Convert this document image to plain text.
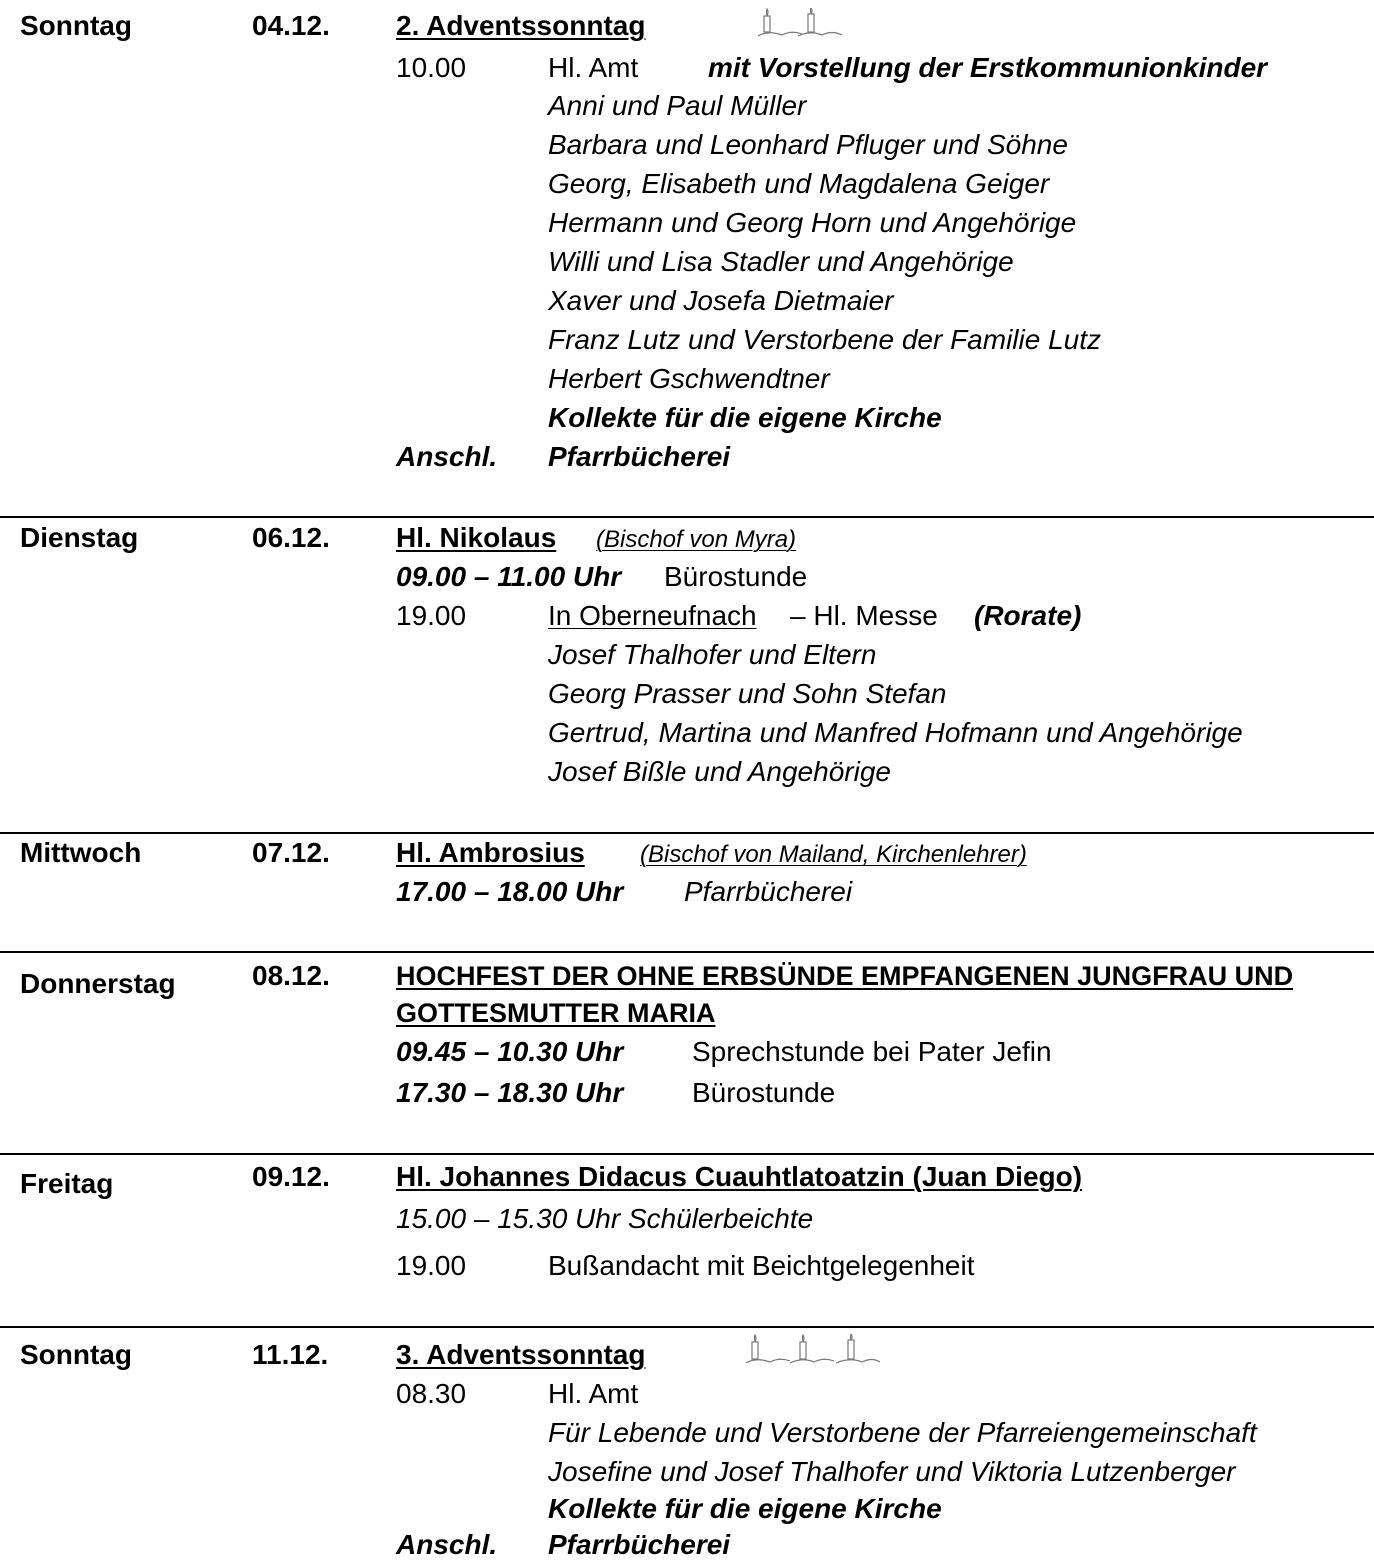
Sonntag	04.12. 2. Adventssonntag
10.00	Hl. Amt mit Vorstellung der Erstkommunionkinder
Anni und Paul Müller
Barbara und Leonhard Pfluger und Söhne
Georg, Elisabeth und Magdalena Geiger
Hermann und Georg Horn und Angehörige
Willi und Lisa Stadler und Angehörige
Xaver und Josefa Dietmaier
Franz Lutz und Verstorbene der Familie Lutz
Herbert Gschwendtner
Kollekte für die eigene Kirche
Anschl. Pfarrbücherei
Dienstag	06.12. Hl. Nikolaus (Bischof von Myra)
09.00 – 11.00 Uhr Bürostunde
19.00	In Oberneufnach – Hl. Messe (Rorate)
Josef Thalhofer und Eltern
Georg Prasser und Sohn Stefan
Gertrud, Martina und Manfred Hofmann und Angehörige
Josef Bißle und Angehörige
Mittwoch	07.12. Hl. Ambrosius (Bischof von Mailand, Kirchenlehrer)
17.00 – 18.00 Uhr Pfarrbücherei
Donnerstag	08.12. HOCHFEST DER OHNE ERBSÜNDE EMPFANGENEN JUNGFRAU UND
GOTTESMUTTER MARIA
09.45 – 10.30 Uhr Sprechstunde bei Pater Jefin
17.30 – 18.30 Uhr Bürostunde
Freitag	09.12. Hl. Johannes Didacus Cuauhtlatoatzin (Juan Diego)
15.00 – 15.30 Uhr Schülerbeichte
19.00	Bußandacht mit Beichtgelegenheit
Sonntag	11.12. 3. Adventssonntag
08.30	Hl. Amt
Für Lebende und Verstorbene der Pfarreiengemeinschaft
Josefine und Josef Thalhofer und Viktoria Lutzenberger
Kollekte für die eigene Kirche
Anschl. Pfarrbücherei
